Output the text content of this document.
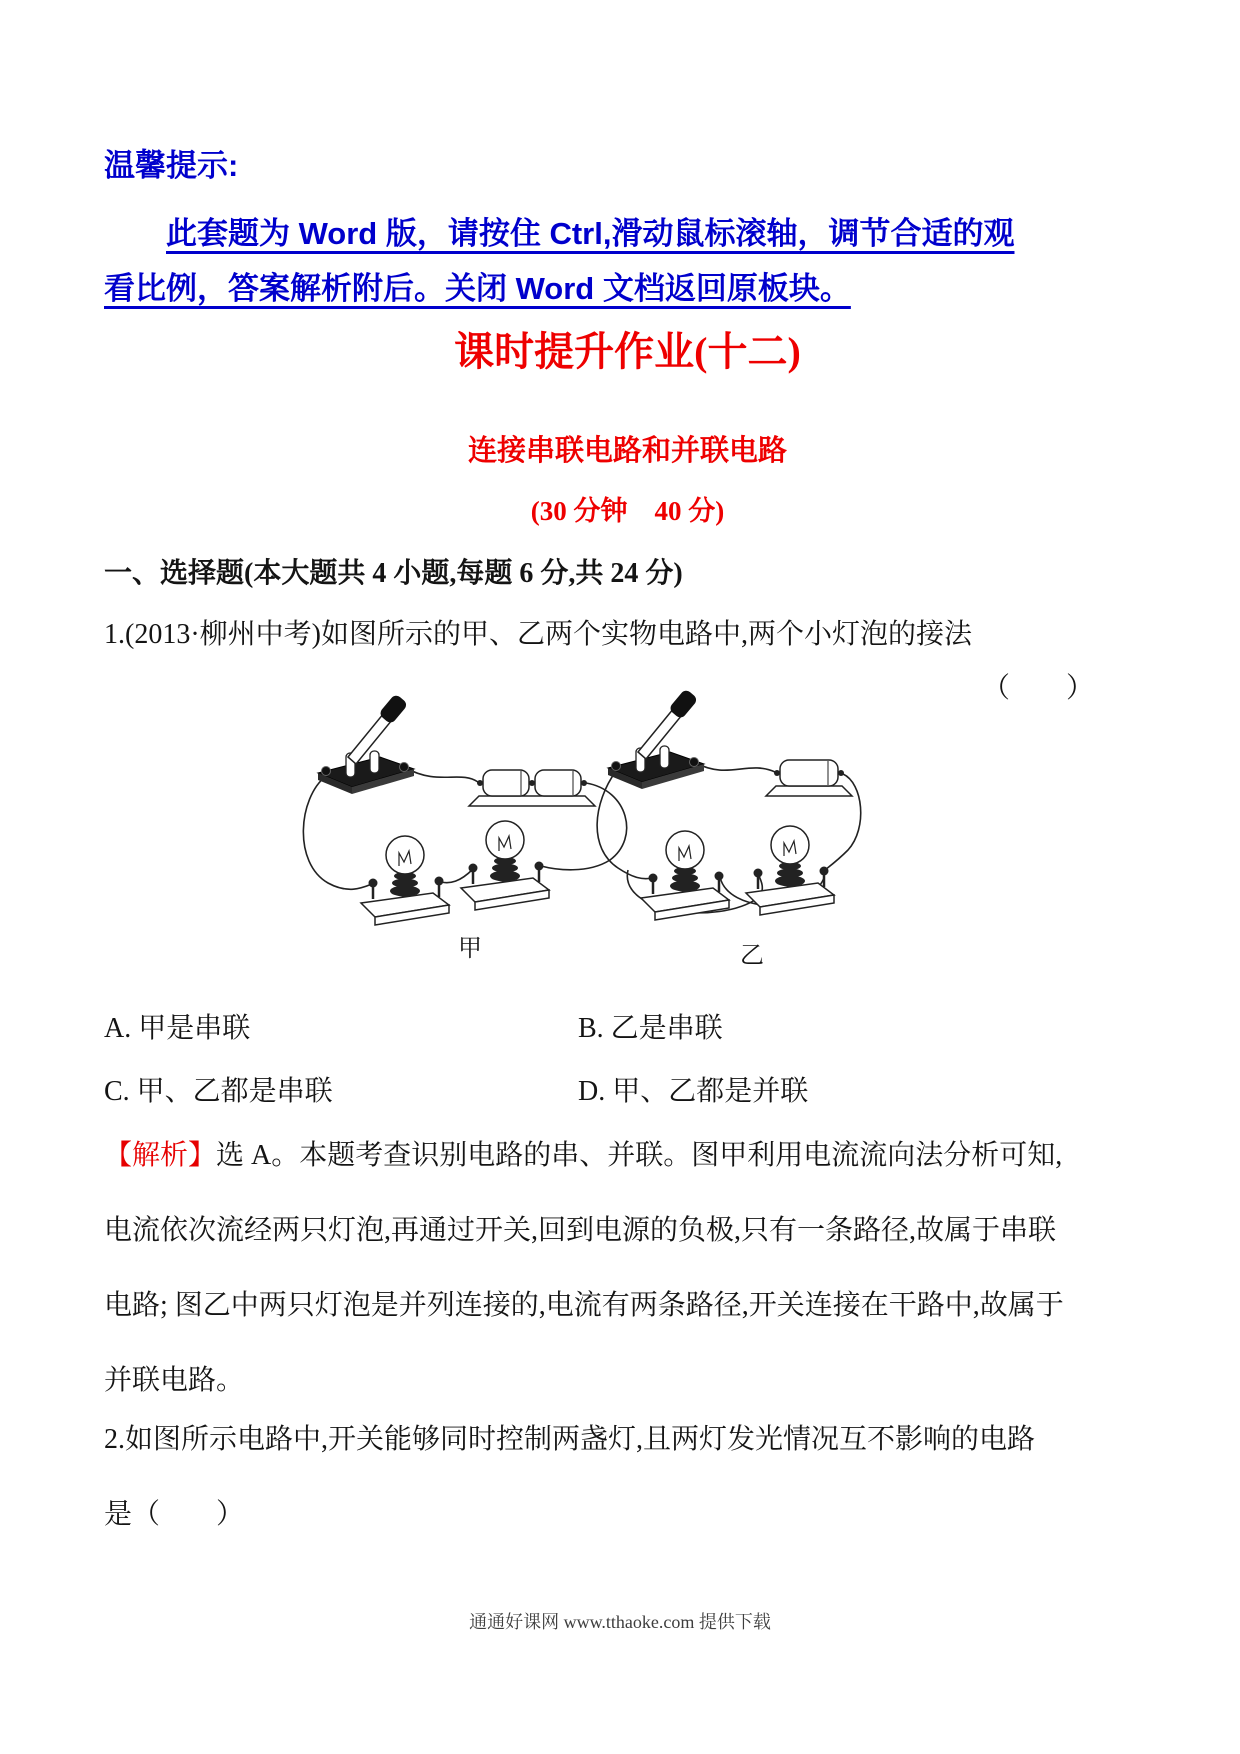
温馨提示:
此套题为 Word 版，请按住 Ctrl,滑动鼠标滚轴，调节合适的观
看比例，答案解析附后。关闭 Word 文档返回原板块。
课时提升作业(十二)
连接串联电路和并联电路
(30 分钟　40 分)
一、选择题(本大题共 4 小题,每题 6 分,共 24 分)
1.(2013·柳州中考)如图所示的甲、乙两个实物电路中,两个小灯泡的接法
（　　）
甲	乙
A. 甲是串联	B. 乙是串联
C. 甲、乙都是串联	D. 甲、乙都是并联
【解析】选 A。本题考查识别电路的串、并联。图甲利用电流流向法分析可知,
电流依次流经两只灯泡,再通过开关,回到电源的负极,只有一条路径,故属于串联
电路; 图乙中两只灯泡是并列连接的,电流有两条路径,开关连接在干路中,故属于
并联电路。
2.如图所示电路中,开关能够同时控制两盏灯,且两灯发光情况互不影响的电路
是（　　）
通通好课网 www.tthaoke.com 提供下载
